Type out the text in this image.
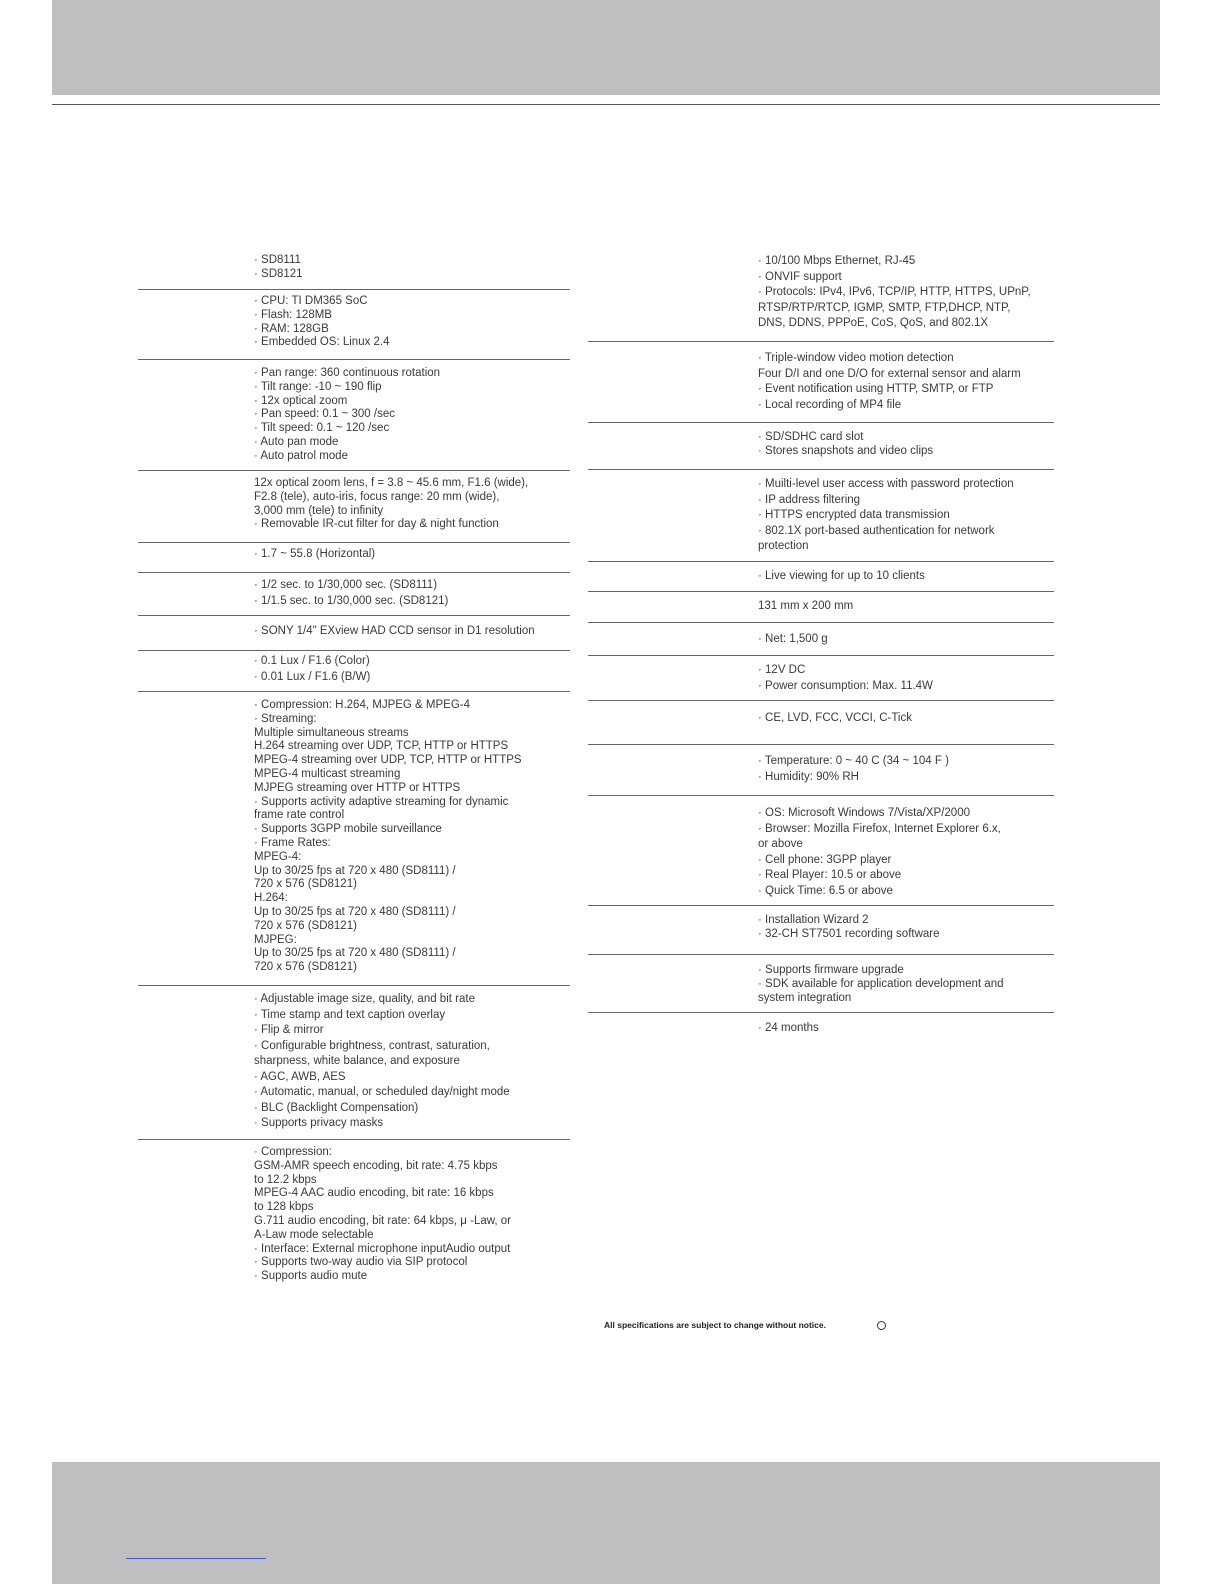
· SD8111
· SD8121
· CPU: TI DM365 SoC
· Flash: 128MB
· RAM: 128GB
· Embedded OS: Linux 2.4
· Pan range: 360 continuous rotation
· Tilt range: -10 ~ 190 flip
· 12x optical zoom
· Pan speed: 0.1 ~ 300 /sec
· Tilt speed: 0.1 ~ 120 /sec
· Auto pan mode
· Auto patrol mode
12x optical zoom lens, f = 3.8 ~ 45.6 mm, F1.6 (wide),
F2.8 (tele), auto-iris, focus range: 20 mm (wide),
3,000 mm (tele) to infinity
· Removable IR-cut filter for day & night function
· 1.7 ~ 55.8 (Horizontal)
· 1/2 sec. to 1/30,000 sec. (SD8111)
· 1/1.5 sec. to 1/30,000 sec. (SD8121)
· SONY 1/4" EXview HAD CCD sensor in D1 resolution
· 0.1 Lux / F1.6 (Color)
· 0.01 Lux / F1.6 (B/W)
· Compression: H.264, MJPEG & MPEG-4
· Streaming:
Multiple simultaneous streams
H.264 streaming over UDP, TCP, HTTP or HTTPS
MPEG-4 streaming over UDP, TCP, HTTP or HTTPS
MPEG-4 multicast streaming
MJPEG streaming over HTTP or HTTPS
· Supports activity adaptive streaming for dynamic
frame rate control
· Supports 3GPP mobile surveillance
· Frame Rates:
MPEG-4:
Up to 30/25 fps at 720 x 480 (SD8111) /
720 x 576 (SD8121)
H.264:
Up to 30/25 fps at 720 x 480 (SD8111) /
720 x 576 (SD8121)
MJPEG:
Up to 30/25 fps at 720 x 480 (SD8111) /
720 x 576 (SD8121)
· Adjustable image size, quality, and bit rate
· Time stamp and text caption overlay
· Flip & mirror
· Configurable brightness, contrast, saturation,
sharpness, white balance, and exposure
· AGC, AWB, AES
· Automatic, manual, or scheduled day/night mode
· BLC (Backlight Compensation)
· Supports privacy masks
· Compression:
GSM-AMR speech encoding, bit rate: 4.75 kbps
to 12.2 kbps
MPEG-4 AAC audio encoding, bit rate: 16 kbps
to 128 kbps
G.711 audio encoding, bit rate: 64 kbps, μ -Law, or
A-Law mode selectable
· Interface: External microphone inputAudio output
· Supports two-way audio via SIP protocol
· Supports audio mute
· 10/100 Mbps Ethernet, RJ-45
· ONVIF support
· Protocols: IPv4, IPv6, TCP/IP, HTTP, HTTPS, UPnP,
RTSP/RTP/RTCP, IGMP, SMTP, FTP,DHCP, NTP,
DNS, DDNS, PPPoE, CoS, QoS, and 802.1X
· Triple-window video motion detection
Four D/I and one D/O for external sensor and alarm
· Event notification using HTTP, SMTP, or FTP
· Local recording of MP4 file
· SD/SDHC card slot
· Stores snapshots and video clips
· Muilti-level user access with password protection
· IP address filtering
· HTTPS encrypted data transmission
· 802.1X port-based authentication for network
protection
· Live viewing for up to 10 clients
131 mm x 200 mm
· Net: 1,500 g
· 12V DC
· Power consumption: Max. 11.4W
· CE, LVD, FCC, VCCI, C-Tick
· Temperature: 0 ~ 40 C (34 ~ 104 F )
· Humidity: 90% RH
· OS: Microsoft Windows 7/Vista/XP/2000
· Browser: Mozilla Firefox, Internet Explorer 6.x,
or above
· Cell phone: 3GPP player
· Real Player: 10.5 or above
· Quick Time: 6.5 or above
· Installation Wizard 2
· 32-CH ST7501 recording software
· Supports firmware upgrade
· SDK available for application development and
system integration
· 24 months
All specifications are subject to change without notice.
